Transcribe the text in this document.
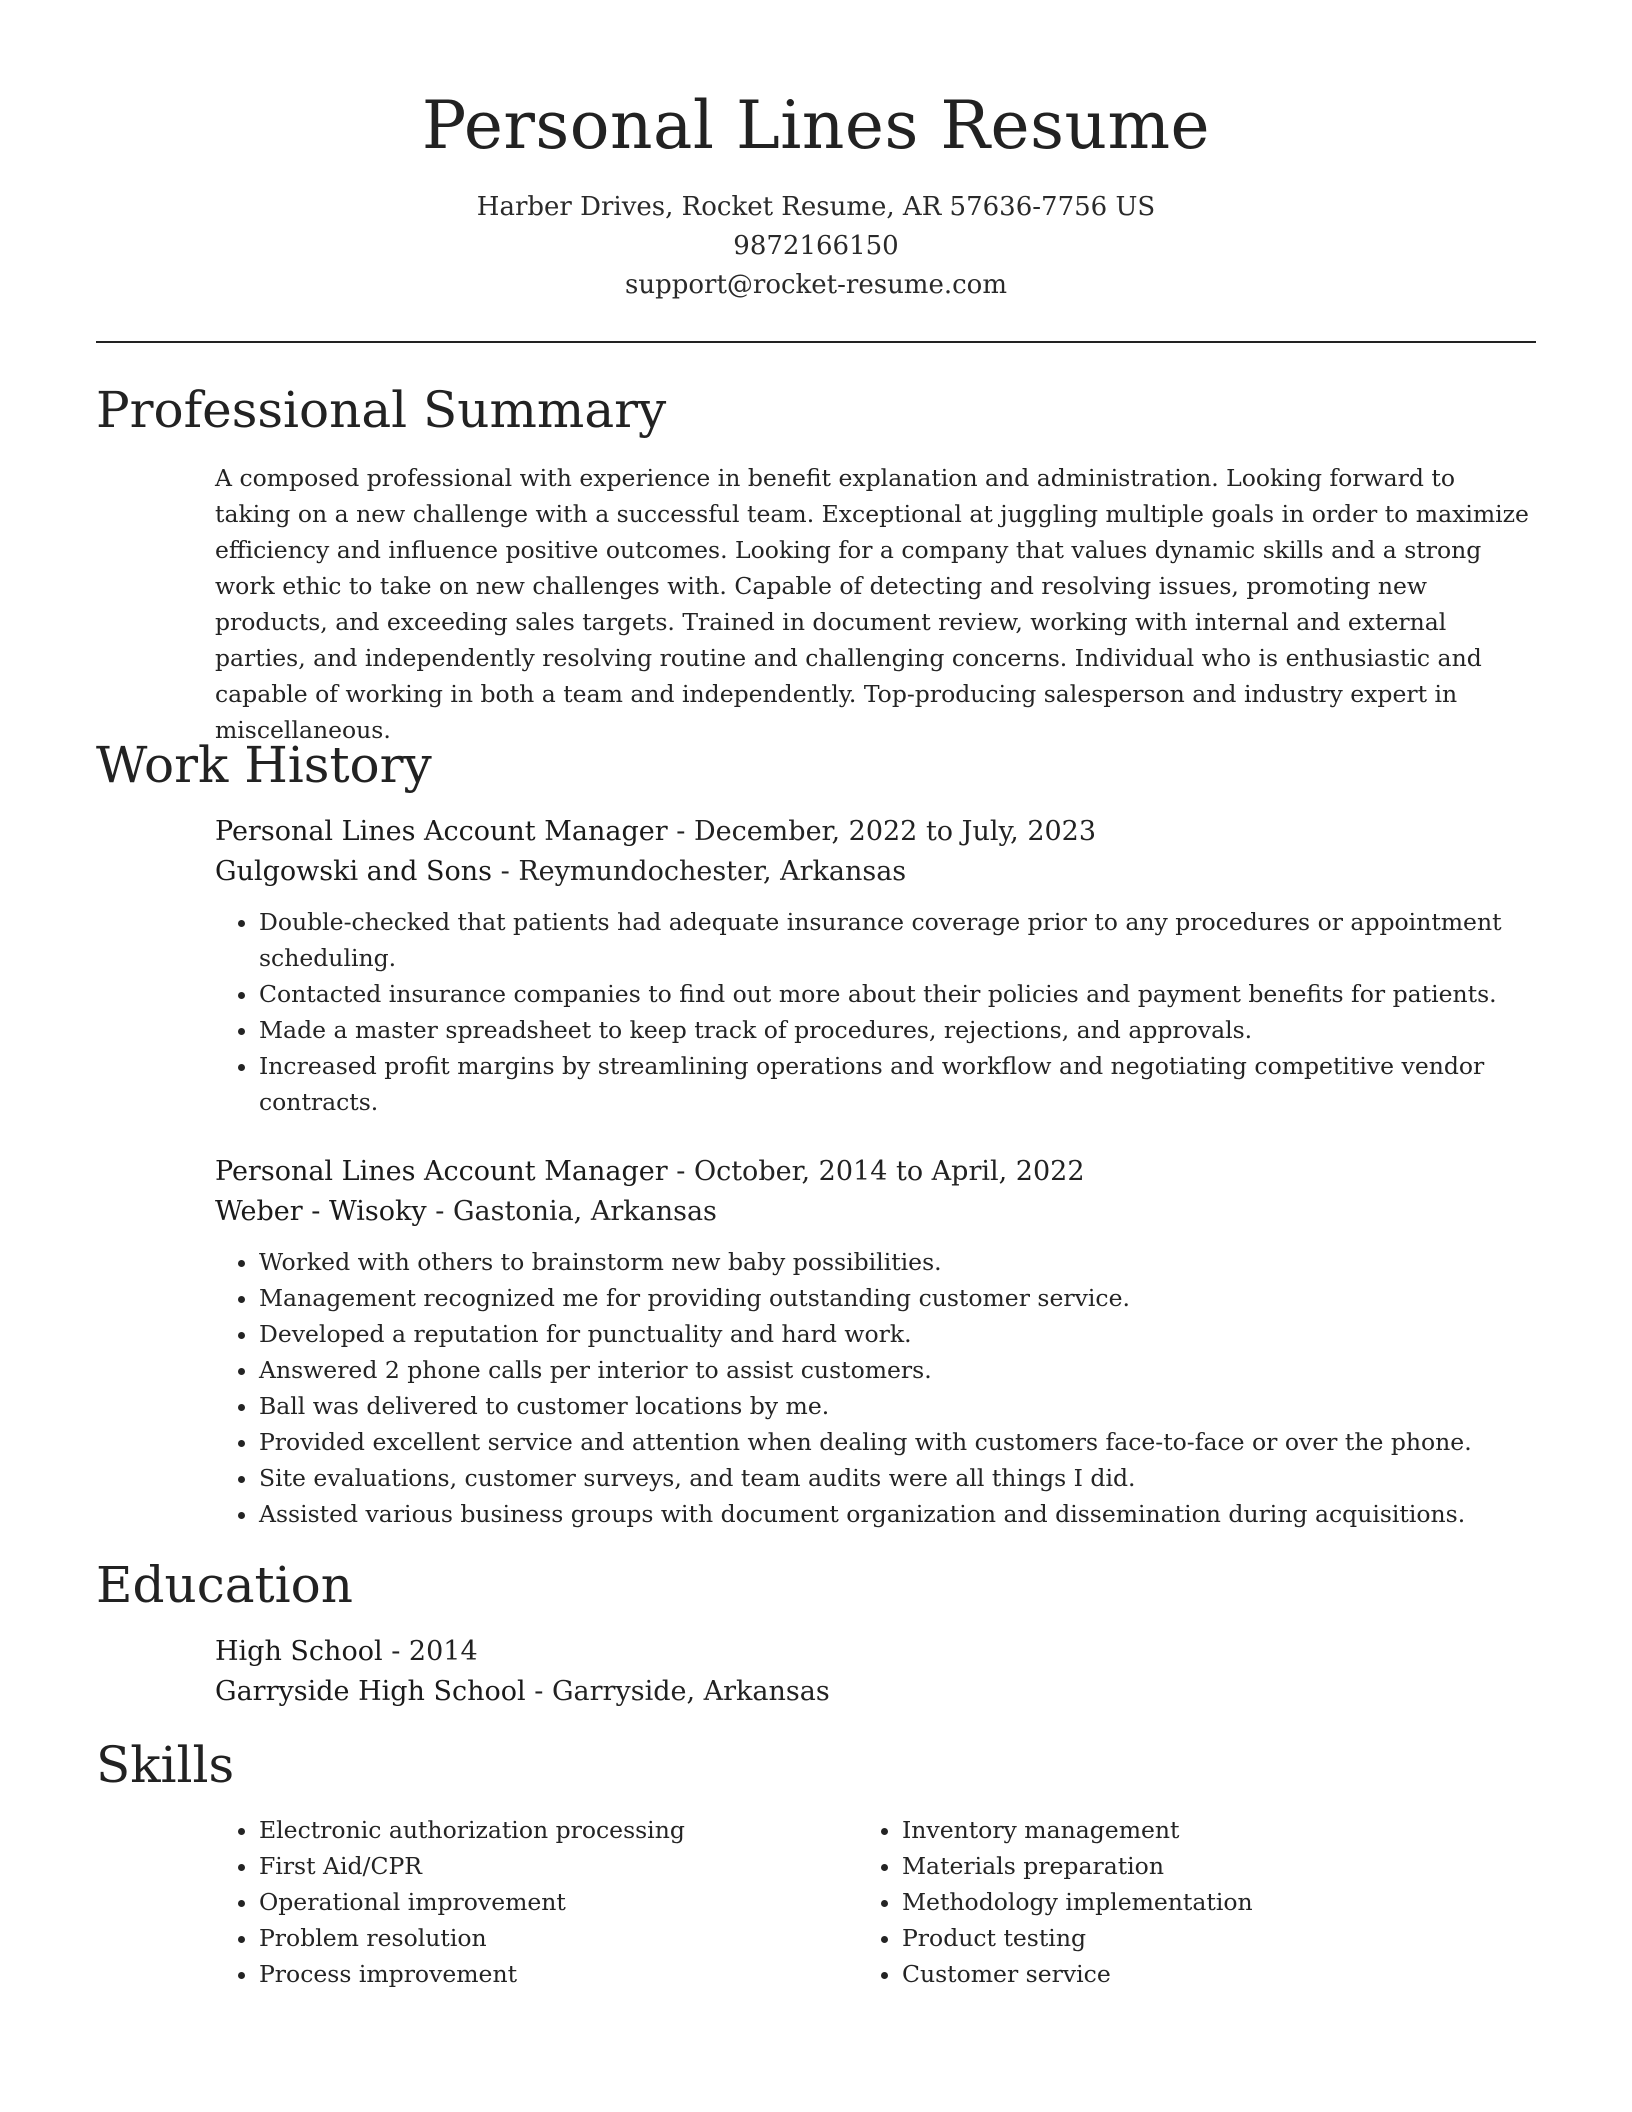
Personal Lines Resume
Harber Drives, Rocket Resume, AR 57636-7756 US
9872166150
support@rocket-resume.com
Professional Summary
A composed professional with experience in benefit explanation and administration. Looking forward to taking on a new challenge with a successful team. Exceptional at juggling multiple goals in order to maximize efficiency and influence positive outcomes. Looking for a company that values dynamic skills and a strong work ethic to take on new challenges with. Capable of detecting and resolving issues, promoting new products, and exceeding sales targets. Trained in document review, working with internal and external parties, and independently resolving routine and challenging concerns. Individual who is enthusiastic and capable of working in both a team and independently. Top-producing salesperson and industry expert in miscellaneous.
Work History
Personal Lines Account Manager - December, 2022 to July, 2023
Gulgowski and Sons - Reymundochester, Arkansas
• Double-checked that patients had adequate insurance coverage prior to any procedures or appointment scheduling.
• Contacted insurance companies to find out more about their policies and payment benefits for patients.
• Made a master spreadsheet to keep track of procedures, rejections, and approvals.
• Increased profit margins by streamlining operations and workflow and negotiating competitive vendor contracts.
Personal Lines Account Manager - October, 2014 to April, 2022
Weber - Wisoky - Gastonia, Arkansas
• Worked with others to brainstorm new baby possibilities.
• Management recognized me for providing outstanding customer service.
• Developed a reputation for punctuality and hard work.
• Answered 2 phone calls per interior to assist customers.
• Ball was delivered to customer locations by me.
• Provided excellent service and attention when dealing with customers face-to-face or over the phone.
• Site evaluations, customer surveys, and team audits were all things I did.
• Assisted various business groups with document organization and dissemination during acquisitions.
Education
High School - 2014
Garryside High School - Garryside, Arkansas
Skills
• Electronic authorization processing
• First Aid/CPR
• Operational improvement
• Problem resolution
• Process improvement
• Inventory management
• Materials preparation
• Methodology implementation
• Product testing
• Customer service
